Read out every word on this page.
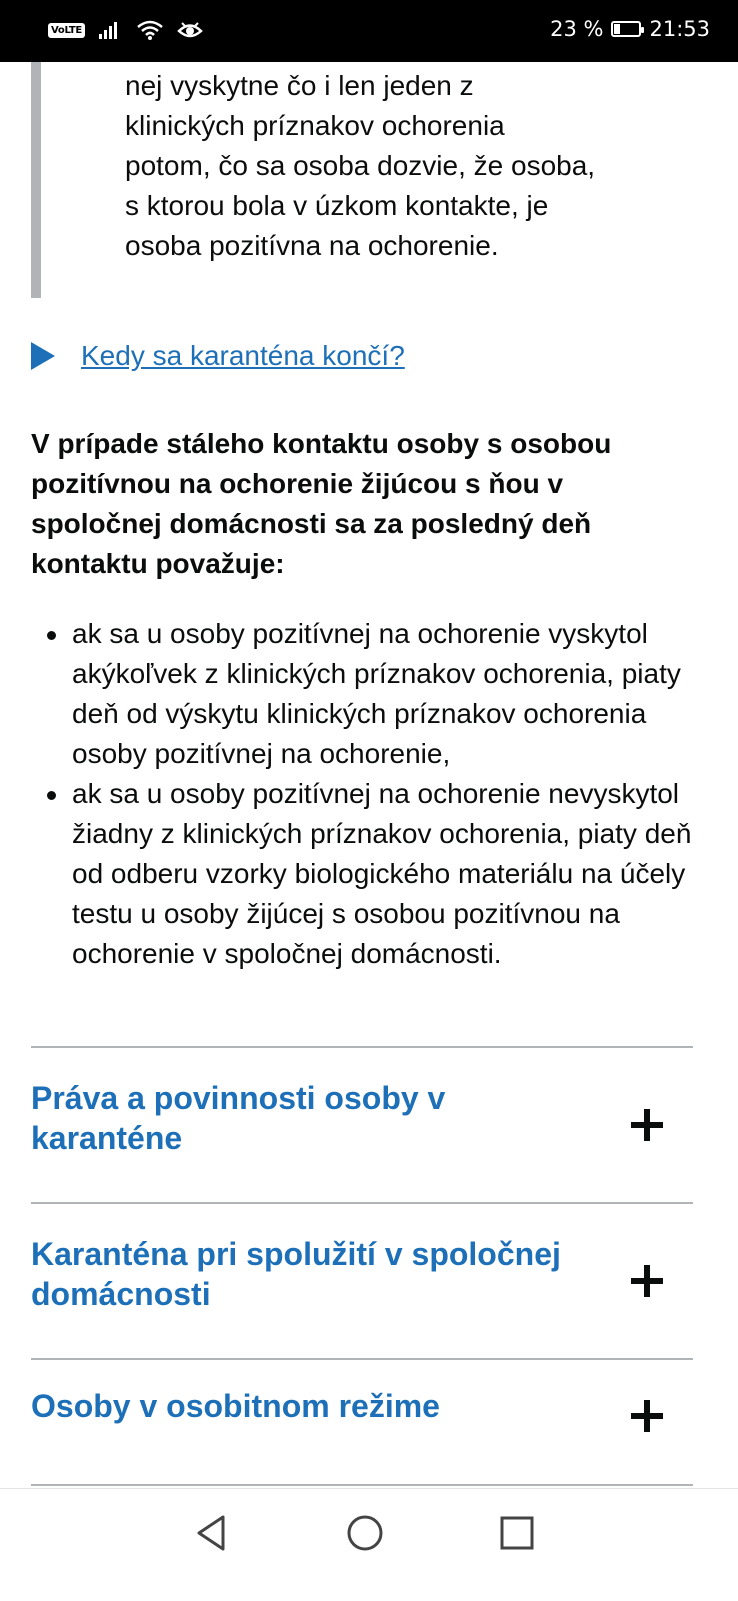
VoLTE	23 % 21:53
nej vyskytne čo i len jeden z
klinických príznakov ochorenia
potom, čo sa osoba dozvie, že osoba,
s ktorou bola v úzkom kontakte, je
osoba pozitívna na ochorenie.
Kedy sa karanténa končí?
V prípade stáleho kontaktu osoby s osobou pozitívnou na ochorenie žijúcou s ňou v spoločnej domácnosti sa za posledný deň kontaktu považuje:
ak sa u osoby pozitívnej na ochorenie vyskytol akýkoľvek z klinických príznakov ochorenia, piaty deň od výskytu klinických príznakov ochorenia osoby pozitívnej na ochorenie,
ak sa u osoby pozitívnej na ochorenie nevyskytol žiadny z klinických príznakov ochorenia, piaty deň od odberu vzorky biologického materiálu na účely testu u osoby žijúcej s osobou pozitívnou na ochorenie v spoločnej domácnosti.
Práva a povinnosti osoby v karanténe
Karanténa pri spolužití v spoločnej domácnosti
Osoby v osobitnom režime
